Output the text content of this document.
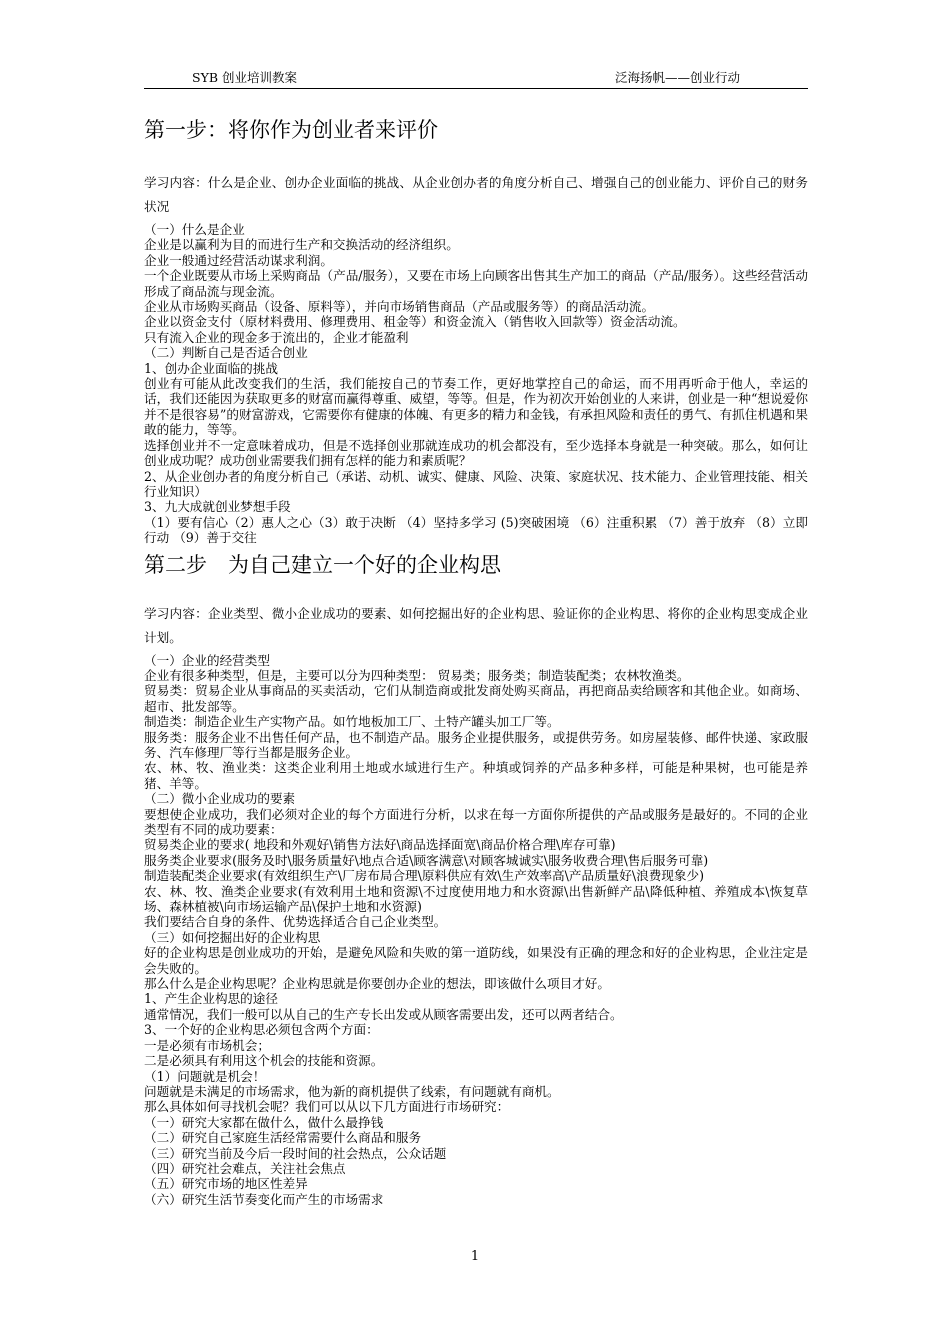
SYB 创业培训教案	泛海扬帆——创业行动
第一步：将你作为创业者来评价
学习内容：什么是企业、创办企业面临的挑战、从企业创办者的角度分析自己、增强自己的创业能力、评价自己的财务状况

（一）什么是企业

企业是以赢利为目的而进行生产和交换活动的经济组织。

企业一般通过经营活动谋求利润。

一个企业既要从市场上采购商品（产品/服务），又要在市场上向顾客出售其生产加工的商品（产品/服务）。这些经营活动形成了商品流与现金流。

企业从市场购买商品（设备、原料等），并向市场销售商品（产品或服务等）的商品活动流。

企业以资金支付（原材料费用、修理费用、租金等）和资金流入（销售收入回款等）资金活动流。

只有流入企业的现金多于流出的，企业才能盈利

（二）判断自己是否适合创业

1、创办企业面临的挑战

创业有可能从此改变我们的生活，我们能按自己的节奏工作，更好地掌控自己的命运，而不用再听命于他人，幸运的话，我们还能因为获取更多的财富而赢得尊重、威望，等等。但是，作为初次开始创业的人来讲，创业是一种“想说爱你并不是很容易”的财富游戏，它需要你有健康的体魄、有更多的精力和金钱，有承担风险和责任的勇气、有抓住机遇和果敢的能力，等等。

选择创业并不一定意味着成功，但是不选择创业那就连成功的机会都没有，至少选择本身就是一种突破。那么，如何让创业成功呢？成功创业需要我们拥有怎样的能力和素质呢？

2、从企业创办者的角度分析自己（承诺、动机、诚实、健康、风险、决策、家庭状况、技术能力、企业管理技能、相关行业知识）

3、九大成就创业梦想手段

（1）要有信心（2）惠人之心（3）敢于决断 （4）坚持多学习 (5)突破困境 （6）注重积累 （7）善于放弃 （8）立即行动 （9）善于交往

第二步　为自己建立一个好的企业构思
学习内容：企业类型、微小企业成功的要素、如何挖掘出好的企业构思、验证你的企业构思、将你的企业构思变成企业计划。

（一）企业的经营类型

企业有很多种类型，但是，主要可以分为四种类型： 贸易类；服务类；制造装配类；农林牧渔类。

贸易类：贸易企业从事商品的买卖活动，它们从制造商或批发商处购买商品，再把商品卖给顾客和其他企业。如商场、超市、批发部等。

制造类：制造企业生产实物产品。如竹地板加工厂、土特产罐头加工厂等。

服务类：服务企业不出售任何产品，也不制造产品。服务企业提供服务，或提供劳务。如房屋装修、邮件快递、家政服务、汽车修理厂等行当都是服务企业。

农、林、牧、渔业类：这类企业利用土地或水域进行生产。种填或饲养的产品多种多样，可能是种果树，也可能是养猪、羊等。

（二）微小企业成功的要素

要想使企业成功，我们必须对企业的每个方面进行分析，以求在每一方面你所提供的产品或服务是最好的。不同的企业类型有不同的成功要素：

贸易类企业的要求( 地段和外观好\销售方法好\商品选择面宽\商品价格合理\库存可靠)

服务类企业要求(服务及时\服务质量好\地点合适\顾客满意\对顾客城诚实\服务收费合理\售后服务可靠)

制造装配类企业要求(有效组织生产\厂房布局合理\原料供应有效\生产效率高\产品质量好\浪费现象少)

农、林、牧、渔类企业要求(有效利用土地和资源\不过度使用地力和水资源\出售新鲜产品\降低种植、养殖成本\恢复草场、森林植被\向市场运输产品\保护土地和水资源)

我们要结合自身的条件、优势选择适合自己企业类型。

（三）如何挖掘出好的企业构思

好的企业构思是创业成功的开始，是避免风险和失败的第一道防线，如果没有正确的理念和好的企业构思，企业注定是会失败的。

那么什么是企业构思呢？企业构思就是你要创办企业的想法，即该做什么项目才好。

1、产生企业构思的途径

通常情况，我们一般可以从自己的生产专长出发或从顾客需要出发，还可以两者结合。

3、一个好的企业构思必须包含两个方面：

一是必须有市场机会；

二是必须具有利用这个机会的技能和资源。

（1）问题就是机会！

问题就是未满足的市场需求，他为新的商机提供了线索，有问题就有商机。

那么具体如何寻找机会呢？我们可以从以下几方面进行市场研究：

（一）研究大家都在做什么，做什么最挣钱

（二）研究自己家庭生活经常需要什么商品和服务

（三）研究当前及今后一段时间的社会热点，公众话题

（四）研究社会难点，关注社会焦点

（五）研究市场的地区性差异

（六）研究生活节奏变化而产生的市场需求

1
